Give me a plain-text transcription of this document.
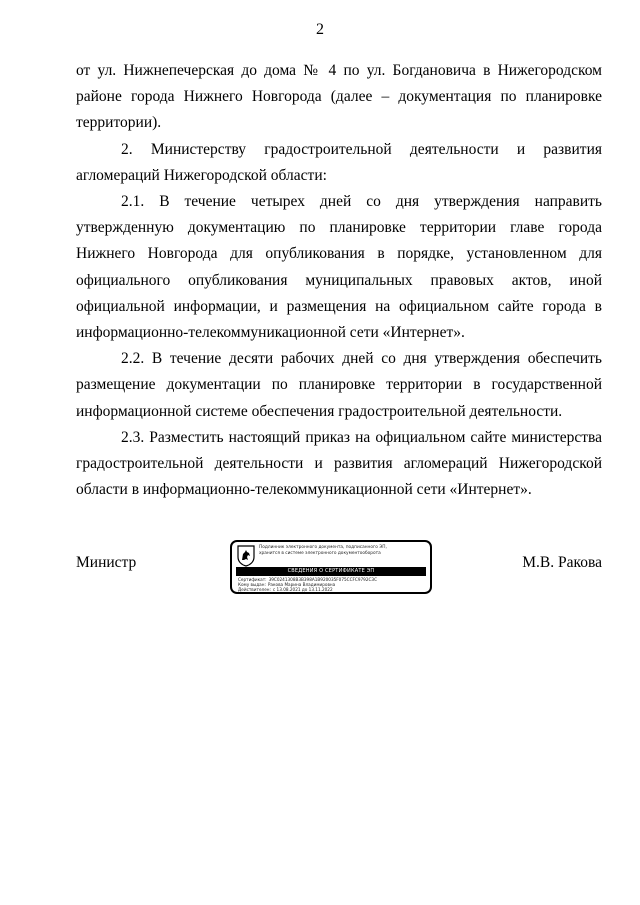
2

от ул. Нижнепечерская до дома № 4 по ул. Богдановича в Нижегородском районе города Нижнего Новгорода (далее – документация по планировке территории).

2. Министерству градостроительной деятельности и развития агломераций Нижегородской области:

2.1. В течение четырех дней со дня утверждения направить утвержденную документацию по планировке территории главе города Нижнего Новгорода для опубликования в порядке, установленном для официального опубликования муниципальных правовых актов, иной официальной информации, и размещения на официальном сайте города в информационно-телекоммуникационной сети «Интернет».

2.2. В течение десяти рабочих дней со дня утверждения обеспечить размещение документации по планировке территории в государственной информационной системе обеспечения градостроительной деятельности.

2.3. Разместить настоящий приказ на официальном сайте министерства градостроительной деятельности и развития агломераций Нижегородской области в информационно-телекоммуникационной сети «Интернет».

Министр	М.В. Ракова
Подлинник электронного документа, подписанного ЭП,
хранится в системе электронного документооборота
СВЕДЕНИЯ О СЕРТИФИКАТЕ ЭП
Сертификат: 39C0241308B3B398A1B920035F075CCFC9792C3C
Кому выдан: Ракова Марина Владимировна
Действителен: с 13.08.2021 до 13.11.2022
